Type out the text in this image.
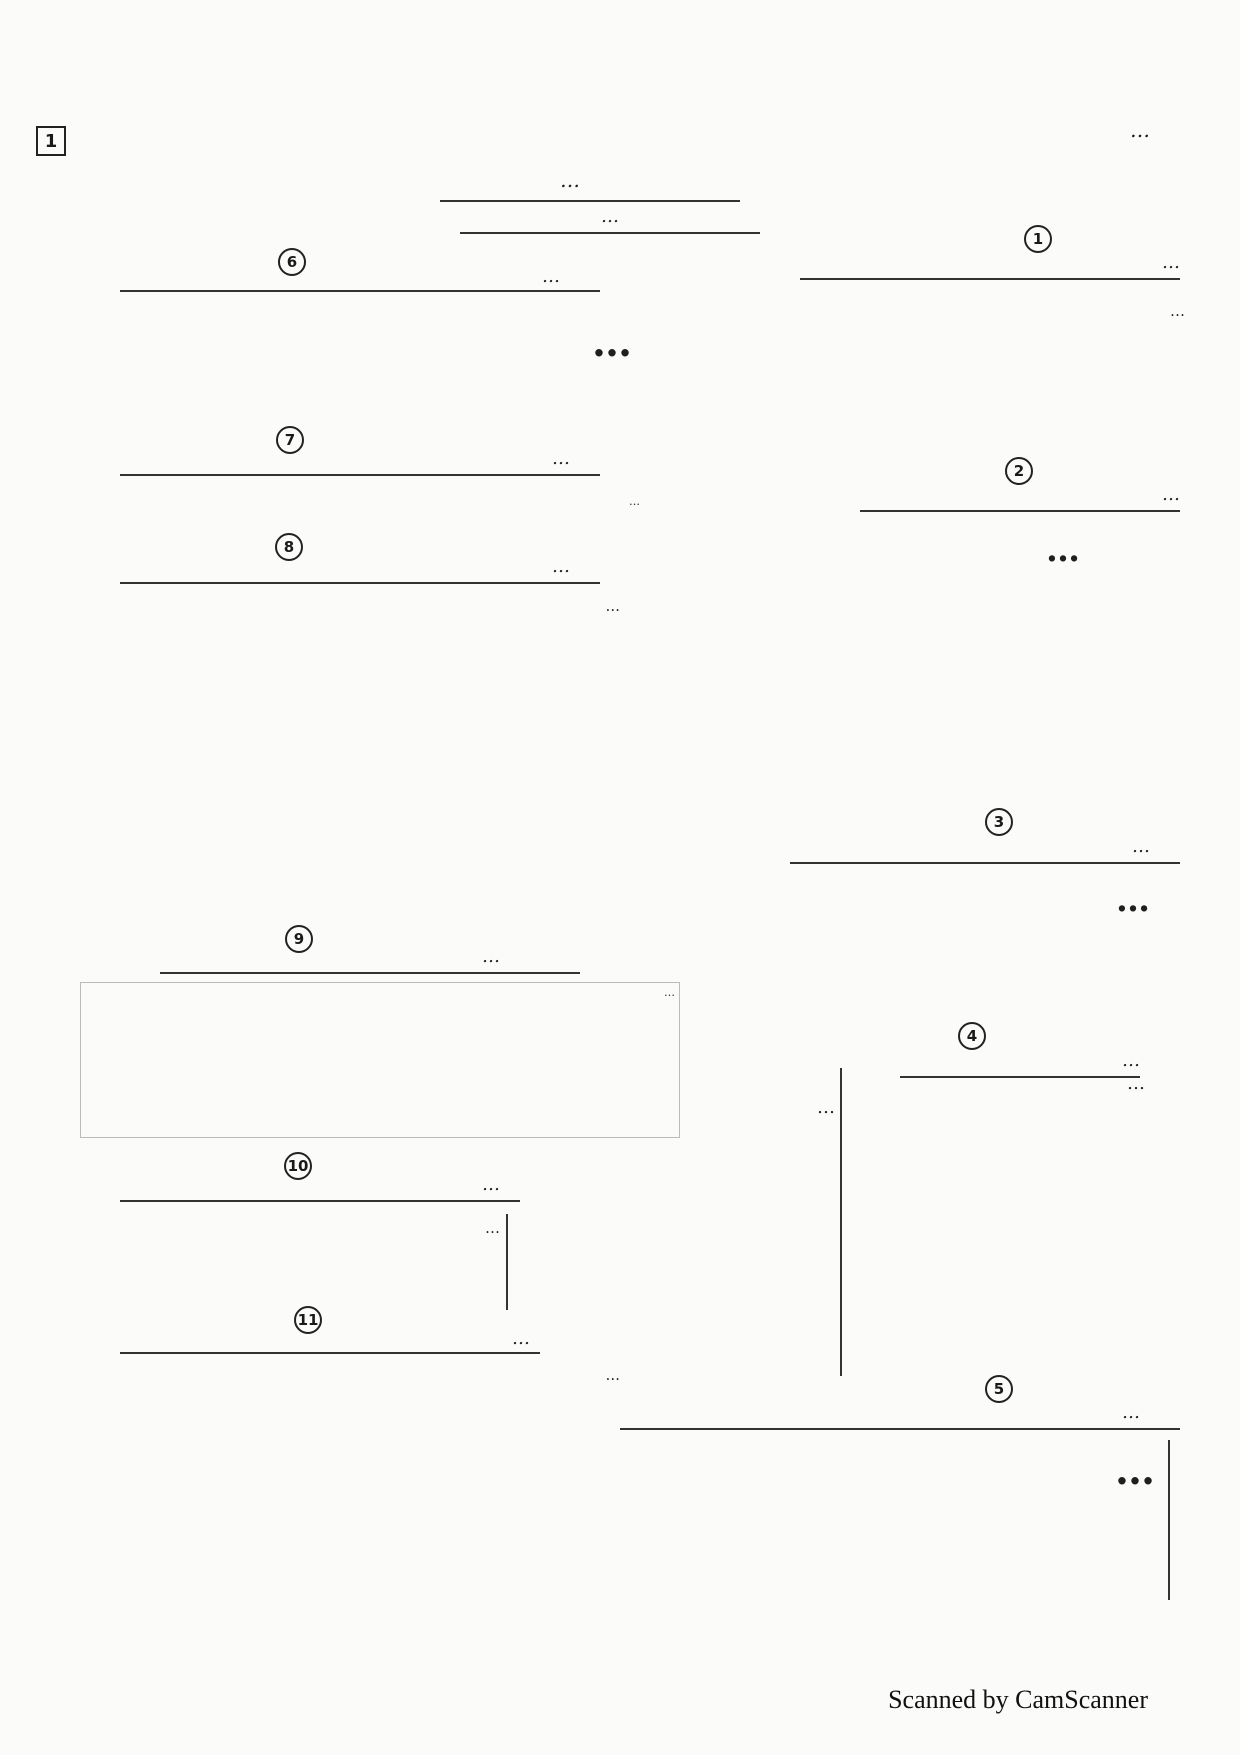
1	…
…
…
1
…
…
2
…
…
3
…
…
4
…
…
5
…
…
6
…
…
7
…
…
8
…
…
9
…
…
…
10
…
…
11
…
…
Scanned by CamScanner
